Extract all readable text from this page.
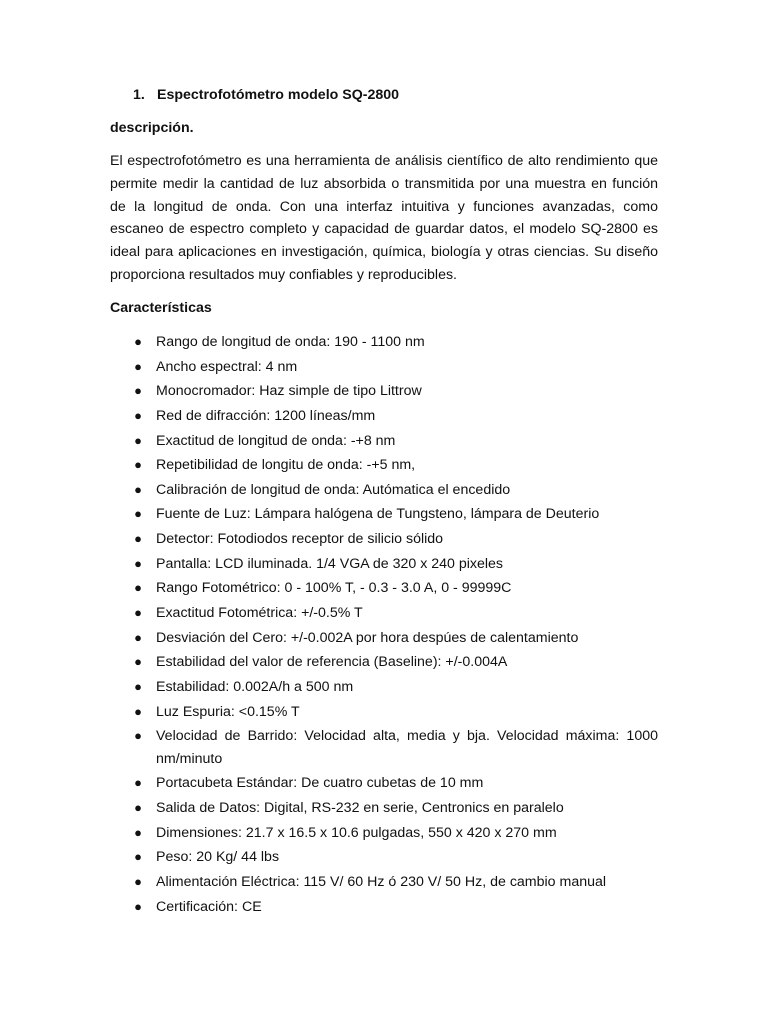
1. Espectrofotómetro modelo SQ-2800
descripción.

El espectrofotómetro es una herramienta de análisis científico de alto rendimiento que permite medir la cantidad de luz absorbida o transmitida por una muestra en función de la longitud de onda. Con una interfaz intuitiva y funciones avanzadas, como escaneo de espectro completo y capacidad de guardar datos, el modelo SQ-2800 es ideal para aplicaciones en investigación, química, biología y otras ciencias. Su diseño proporciona resultados muy confiables y reproducibles.

Características
● Rango de longitud de onda: 190 - 1100 nm
● Ancho espectral: 4 nm
● Monocromador: Haz simple de tipo Littrow
● Red de difracción: 1200 líneas/mm
● Exactitud de longitud de onda: -+8 nm
● Repetibilidad de longitu de onda: -+5 nm,
● Calibración de longitud de onda: Autómatica el encedido
● Fuente de Luz: Lámpara halógena de Tungsteno, lámpara de Deuterio
● Detector: Fotodiodos receptor de silicio sólido
● Pantalla: LCD iluminada. 1/4 VGA de 320 x 240 pixeles
● Rango Fotométrico: 0 - 100% T, - 0.3 - 3.0 A, 0 - 99999C
● Exactitud Fotométrica: +/-0.5% T
● Desviación del Cero: +/-0.002A por hora despúes de calentamiento
● Estabilidad del valor de referencia (Baseline): +/-0.004A
● Estabilidad: 0.002A/h a 500 nm
● Luz Espuria: <0.15% T
● Velocidad de Barrido: Velocidad alta, media y bja. Velocidad máxima: 1000 nm/minuto
● Portacubeta Estándar: De cuatro cubetas de 10 mm
● Salida de Datos: Digital, RS-232 en serie, Centronics en paralelo
● Dimensiones: 21.7 x 16.5 x 10.6 pulgadas, 550 x 420 x 270 mm
● Peso: 20 Kg/ 44 lbs
● Alimentación Eléctrica: 115 V/ 60 Hz ó 230 V/ 50 Hz, de cambio manual
● Certificación: CE
